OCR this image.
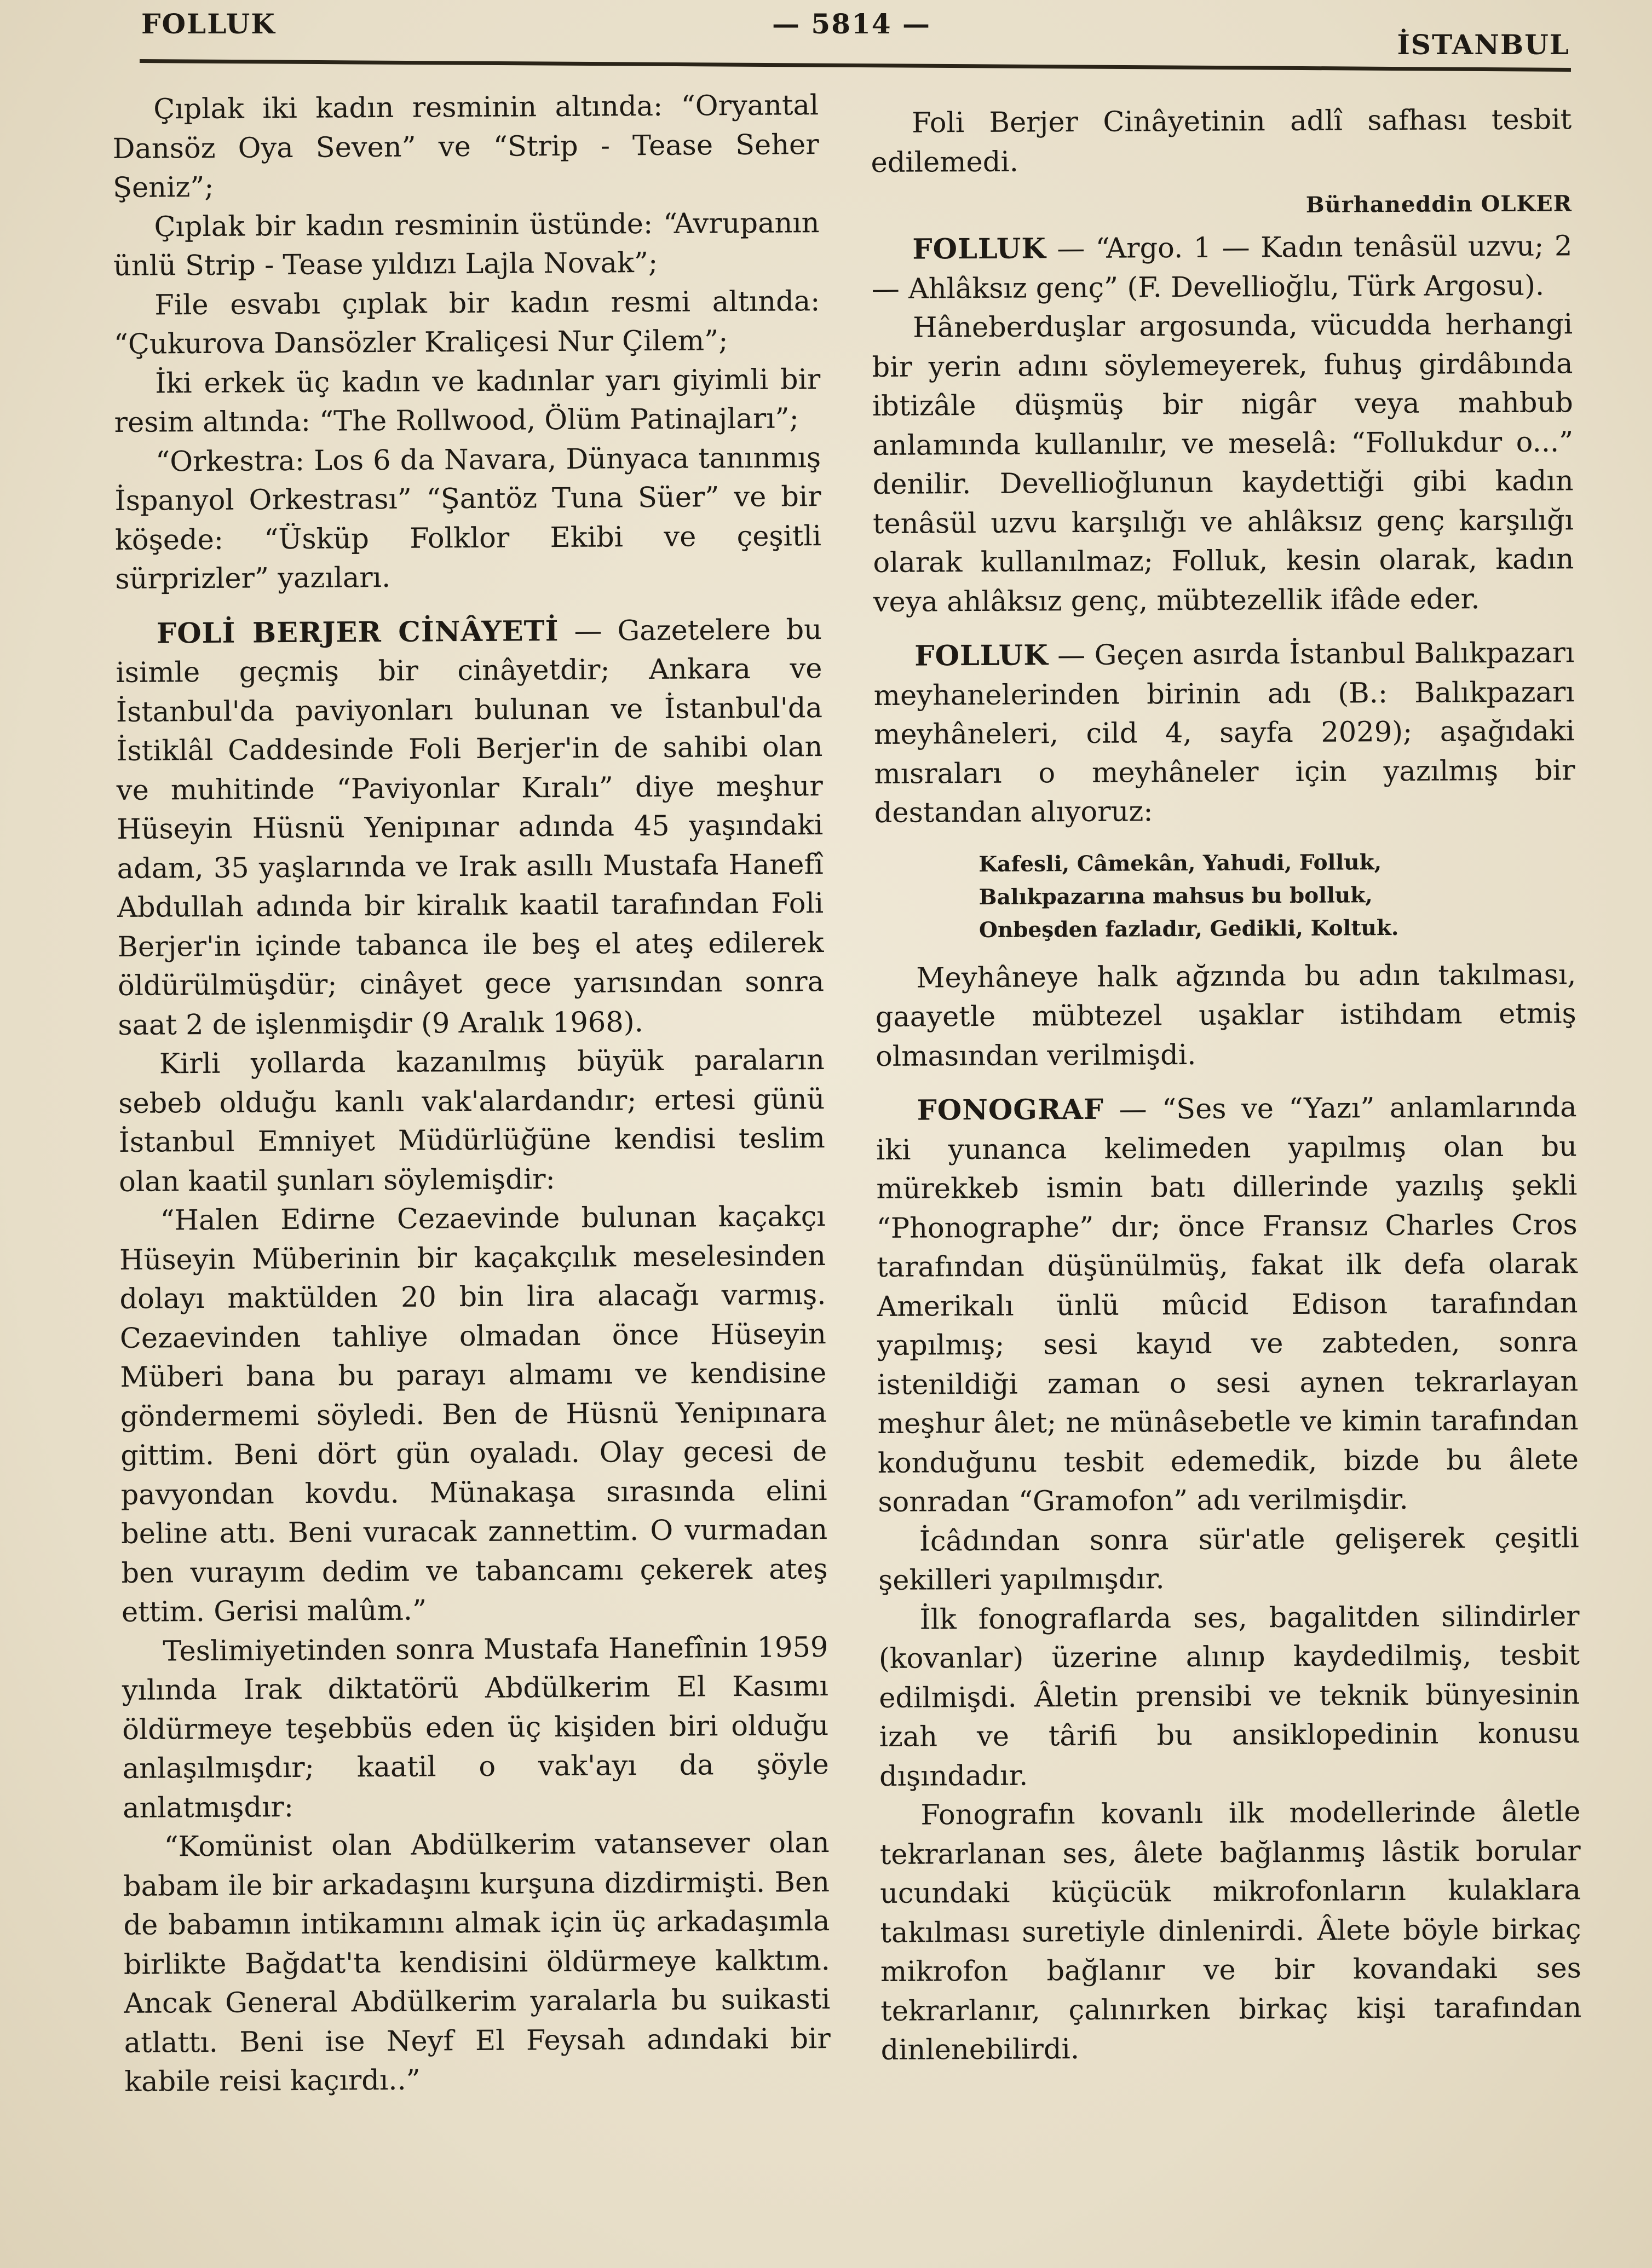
FOLLUK	— 5814 —
İSTANBUL

Çıplak iki kadın resminin altında: “Oryantal Dansöz Oya Seven” ve “Strip - Tease Seher Şeniz”;

Çıplak bir kadın resminin üstünde: “Avrupanın ünlü Strip - Tease yıldızı Lajla Novak”;

File esvabı çıplak bir kadın resmi altında: “Çukurova Dansözler Kraliçesi Nur Çilem”;

İki erkek üç kadın ve kadınlar yarı giyimli bir resim altında: “The Rollwood, Ölüm Patinajları”;

“Orkestra: Los 6 da Navara, Dünyaca tanınmış İspanyol Orkestrası” “Şantöz Tuna Süer” ve bir köşede: “Üsküp Folklor Ekibi ve çeşitli sürprizler” yazıları.

FOLİ BERJER CİNÂYETİ — Gazetelere bu isimle geçmiş bir cinâyetdir; Ankara ve İstanbul'da paviyonları bulunan ve İstanbul'da İstiklâl Caddesinde Foli Berjer'in de sahibi olan ve muhitinde “Paviyonlar Kıralı” diye meşhur Hüseyin Hüsnü Yenipınar adında 45 yaşındaki adam, 35 yaşlarında ve Irak asıllı Mustafa Hanefî Abdullah adında bir kiralık kaatil tarafından Foli Berjer'in içinde tabanca ile beş el ateş edilerek öldürülmüşdür; cinâyet gece yarısından sonra saat 2 de işlenmişdir (9 Aralık 1968).

Kirli yollarda kazanılmış büyük paraların sebeb olduğu kanlı vak'alardandır; ertesi günü İstanbul Emniyet Müdürlüğüne kendisi teslim olan kaatil şunları söylemişdir:

“Halen Edirne Cezaevinde bulunan kaçakçı Hüseyin Müberinin bir kaçakçılık meselesinden dolayı maktülden 20 bin lira alacağı varmış. Cezaevinden tahliye olmadan önce Hüseyin Müberi bana bu parayı almamı ve kendisine göndermemi söyledi. Ben de Hüsnü Yenipınara gittim. Beni dört gün oyaladı. Olay gecesi de pavyondan kovdu. Münakaşa sırasında elini beline attı. Beni vuracak zannettim. O vurmadan ben vurayım dedim ve tabancamı çekerek ateş ettim. Gerisi malûm.”

Teslimiyetinden sonra Mustafa Hanefînin 1959 yılında Irak diktatörü Abdülkerim El Kasımı öldürmeye teşebbüs eden üç kişiden biri olduğu anlaşılmışdır; kaatil o vak'ayı da şöyle anlatmışdır:

“Komünist olan Abdülkerim vatansever olan babam ile bir arkadaşını kurşuna dizdirmişti. Ben de babamın intikamını almak için üç arkadaşımla birlikte Bağdat'ta kendisini öldürmeye kalktım. Ancak General Abdülkerim yaralarla bu suikasti atlattı. Beni ise Neyf El Feysah adındaki bir kabile reisi kaçırdı..”

Foli Berjer Cinâyetinin adlî safhası tesbit edilemedi.

Bürhaneddin OLKER

FOLLUK — “Argo. 1 — Kadın tenâsül uzvu; 2 — Ahlâksız genç” (F. Devellioğlu, Türk Argosu).

Hâneberduşlar argosunda, vücudda herhangi bir yerin adını söylemeyerek, fuhuş girdâbında ibtizâle düşmüş bir nigâr veya mahbub anlamında kullanılır, ve meselâ: “Follukdur o...” denilir. Devellioğlunun kaydettiği gibi kadın tenâsül uzvu karşılığı ve ahlâksız genç karşılığı olarak kullanılmaz; Folluk, kesin olarak, kadın veya ahlâksız genç, mübtezellik ifâde eder.

FOLLUK — Geçen asırda İstanbul Balıkpazarı meyhanelerinden birinin adı (B.: Balıkpazarı meyhâneleri, cild 4, sayfa 2029); aşağıdaki mısraları o meyhâneler için yazılmış bir destandan alıyoruz:

Kafesli, Câmekân, Yahudi, Folluk,
Balıkpazarına mahsus bu bolluk,
Onbeşden fazladır, Gedikli, Koltuk.

Meyhâneye halk ağzında bu adın takılması, gaayetle mübtezel uşaklar istihdam etmiş olmasından verilmişdi.

FONOGRAF — “Ses ve “Yazı” anlamlarında iki yunanca kelimeden yapılmış olan bu mürekkeb ismin batı dillerinde yazılış şekli “Phonographe” dır; önce Fransız Charles Cros tarafından düşünülmüş, fakat ilk defa olarak Amerikalı ünlü mûcid Edison tarafından yapılmış; sesi kayıd ve zabteden, sonra istenildiği zaman o sesi aynen tekrarlayan meşhur âlet; ne münâsebetle ve kimin tarafından konduğunu tesbit edemedik, bizde bu âlete sonradan “Gramofon” adı verilmişdir.

İcâdından sonra sür'atle gelişerek çeşitli şekilleri yapılmışdır.

İlk fonograflarda ses, bagalitden silindirler (kovanlar) üzerine alınıp kaydedilmiş, tesbit edilmişdi. Âletin prensibi ve teknik bünyesinin izah ve târifi bu ansiklopedinin konusu dışındadır.

Fonografın kovanlı ilk modellerinde âletle tekrarlanan ses, âlete bağlanmış lâstik borular ucundaki küçücük mikrofonların kulaklara takılması suretiyle dinlenirdi. Âlete böyle birkaç mikrofon bağlanır ve bir kovandaki ses tekrarlanır, çalınırken birkaç kişi tarafından dinlenebilirdi.
